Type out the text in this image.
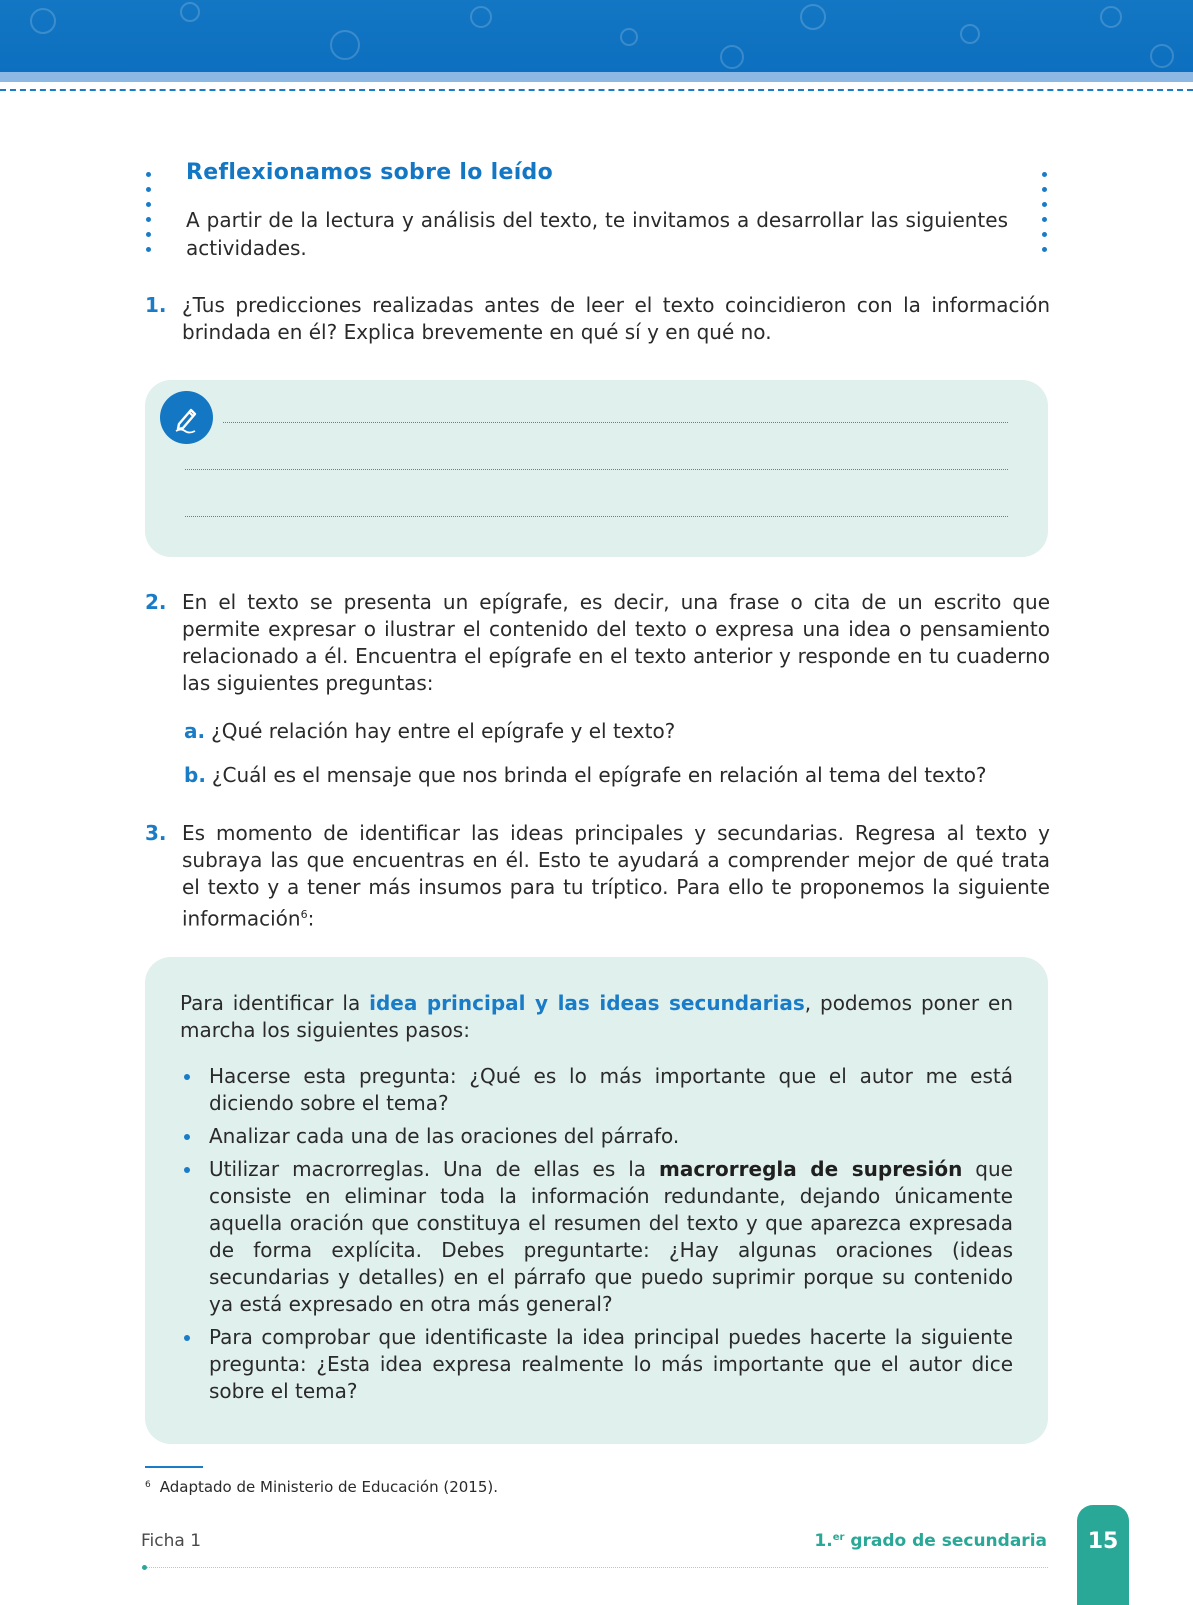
Reflexionamos sobre lo leído
A partir de la lectura y análisis del texto, te invitamos a desarrollar las siguientes actividades.
1. ¿Tus predicciones realizadas antes de leer el texto coincidieron con la información brindada en él? Explica brevemente en qué sí y en qué no.
2. En el texto se presenta un epígrafe, es decir, una frase o cita de un escrito que permite expresar o ilustrar el contenido del texto o expresa una idea o pensamiento relacionado a él. Encuentra el epígrafe en el texto anterior y responde en tu cuaderno las siguientes preguntas:
a. ¿Qué relación hay entre el epígrafe y el texto?
b. ¿Cuál es el mensaje que nos brinda el epígrafe en relación al tema del texto?
3. Es momento de identificar las ideas principales y secundarias. Regresa al texto y subraya las que encuentras en él. Esto te ayudará a comprender mejor de qué trata el texto y a tener más insumos para tu tríptico. Para ello te proponemos la siguiente información$^6$:
Para identificar la idea principal y las ideas secundarias, podemos poner en marcha los siguientes pasos:
Hacerse esta pregunta: ¿Qué es lo más importante que el autor me está diciendo sobre el tema?
Analizar cada una de las oraciones del párrafo.
Utilizar macrorreglas. Una de ellas es la macrorregla de supresión que consiste en eliminar toda la información redundante, dejando únicamente aquella oración que constituya el resumen del texto y que aparezca expresada de forma explícita. Debes preguntarte: ¿Hay algunas oraciones (ideas secundarias y detalles) en el párrafo que puedo suprimir porque su contenido ya está expresado en otra más general?
Para comprobar que identificaste la idea principal puedes hacerte la siguiente pregunta: ¿Esta idea expresa realmente lo más importante que el autor dice sobre el tema?
$^6$ Adaptado de Ministerio de Educación (2015).
Ficha 1	1.$^{er}$ grado de secundaria	15
